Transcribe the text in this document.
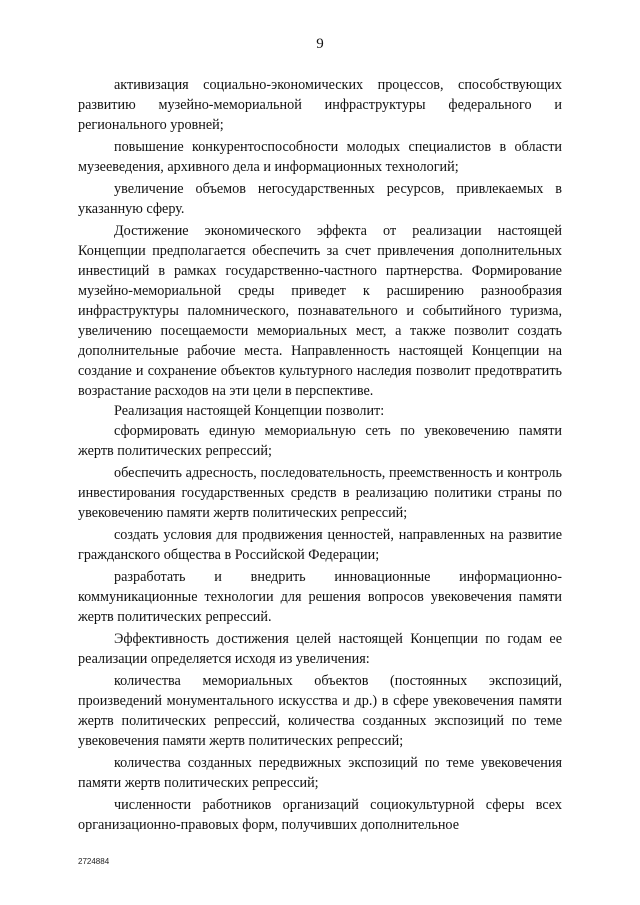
9

активизация социально-экономических процессов, способствующих развитию музейно-мемориальной инфраструктуры федерального и регионального уровней;

повышение конкурентоспособности молодых специалистов в области музееведения, архивного дела и информационных технологий;

увеличение объемов негосударственных ресурсов, привлекаемых в указанную сферу.

Достижение экономического эффекта от реализации настоящей Концепции предполагается обеспечить за счет привлечения дополнительных инвестиций в рамках государственно-частного партнерства. Формирование музейно-мемориальной среды приведет к расширению разнообразия инфраструктуры паломнического, познавательного и событийного туризма, увеличению посещаемости мемориальных мест, а также позволит создать дополнительные рабочие места. Направленность настоящей Концепции на создание и сохранение объектов культурного наследия позволит предотвратить возрастание расходов на эти цели в перспективе.

Реализация настоящей Концепции позволит:

сформировать единую мемориальную сеть по увековечению памяти жертв политических репрессий;

обеспечить адресность, последовательность, преемственность и контроль инвестирования государственных средств в реализацию политики страны по увековечению памяти жертв политических репрессий;

создать условия для продвижения ценностей, направленных на развитие гражданского общества в Российской Федерации;

разработать и внедрить инновационные информационно-коммуникационные технологии для решения вопросов увековечения памяти жертв политических репрессий.

Эффективность достижения целей настоящей Концепции по годам ее реализации определяется исходя из увеличения:

количества мемориальных объектов (постоянных экспозиций, произведений монументального искусства и др.) в сфере увековечения памяти жертв политических репрессий, количества созданных экспозиций по теме увековечения памяти жертв политических репрессий;

количества созданных передвижных экспозиций по теме увековечения памяти жертв политических репрессий;

численности работников организаций социокультурной сферы всех организационно-правовых форм, получивших дополнительное

2724884
